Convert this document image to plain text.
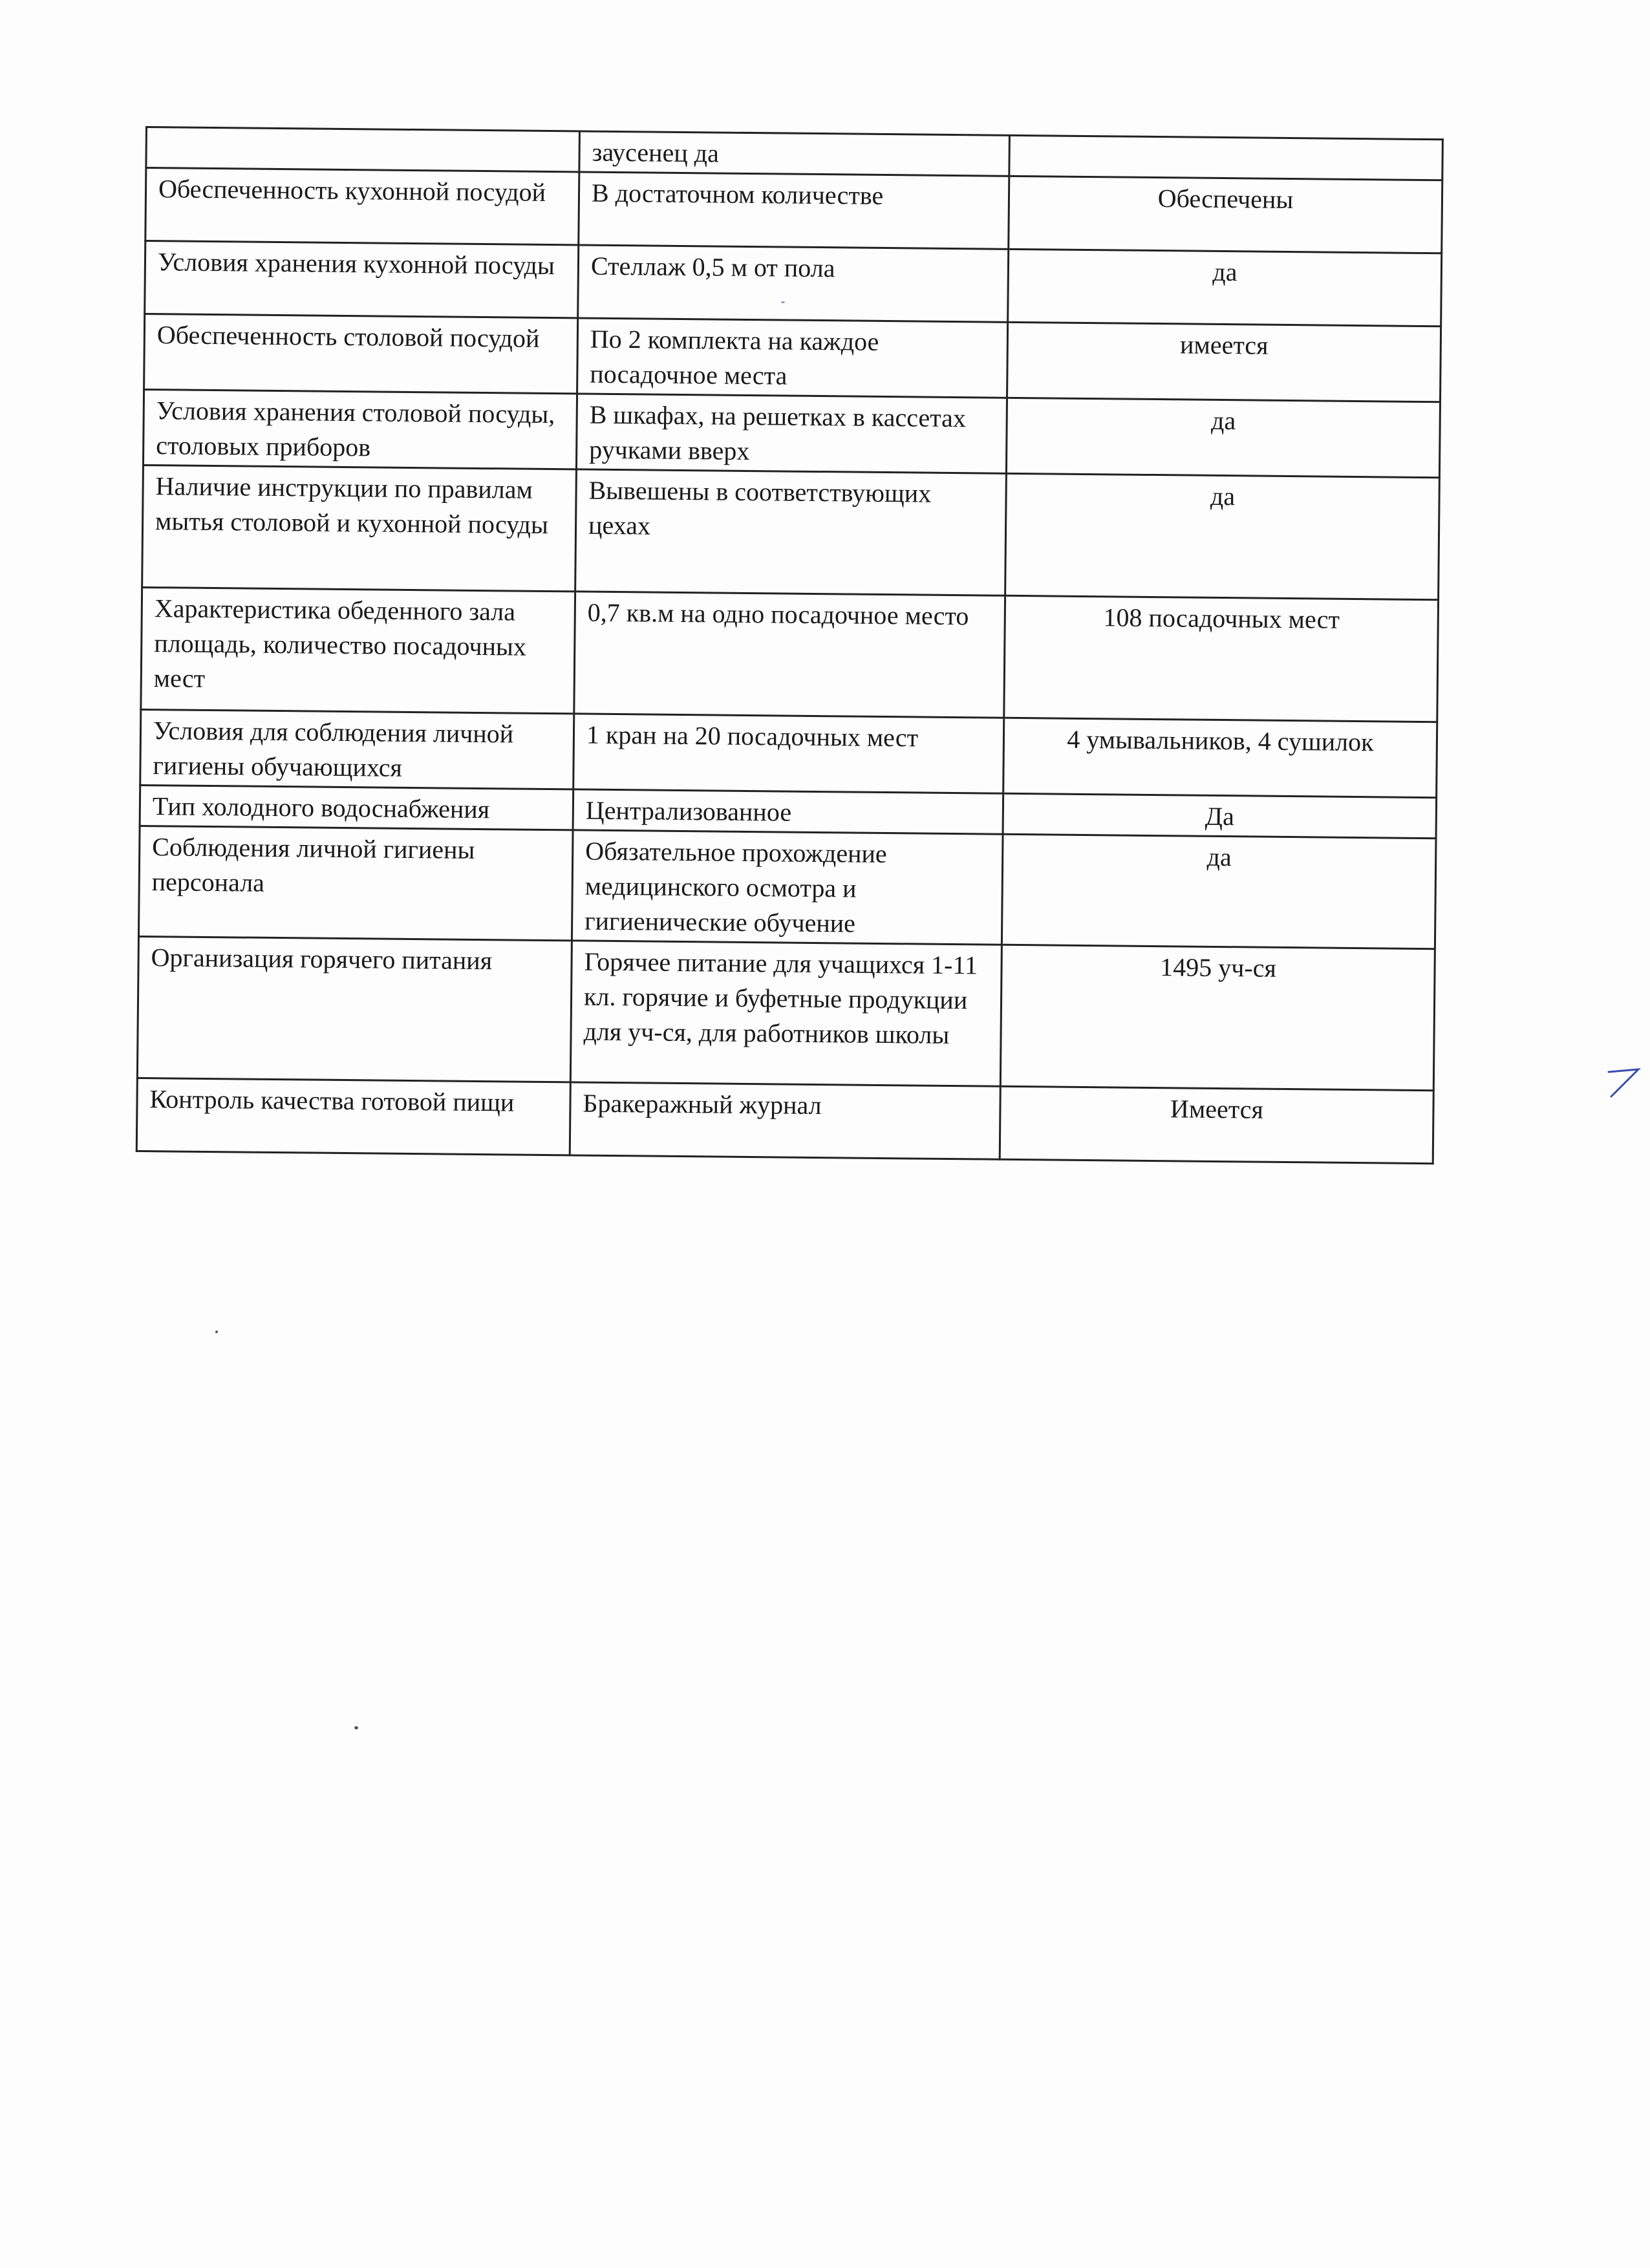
	заусенец да	
Обеспеченность кухонной посудой	В достаточном количестве	Обеспечены
Условия хранения кухонной посуды	Стеллаж 0,5 м от пола	да
Обеспеченность столовой посудой	По 2 комплекта на каждое посадочное места	имеется
Условия хранения столовой посуды, столовых приборов	В шкафах, на решетках в кассетах ручками вверх	да
Наличие инструкции по правилам мытья столовой и кухонной посуды	Вывешены в соответствующих цехах	да
Характеристика обеденного зала площадь, количество посадочных мест	0,7 кв.м на одно посадочное место	108 посадочных мест
Условия для соблюдения личной гигиены обучающихся	1 кран на 20 посадочных мест	4 умывальников, 4 сушилок
Тип холодного водоснабжения	Централизованное	Да
Соблюдения личной гигиены персонала	Обязательное прохождение медицинского осмотра и гигиенические обучение	да
Организация горячего питания	Горячее питание для учащихся 1-11 кл. горячие и буфетные продукции для уч-ся, для работников школы	1495 уч-ся
Контроль качества готовой пищи	Бракеражный журнал	Имеется
